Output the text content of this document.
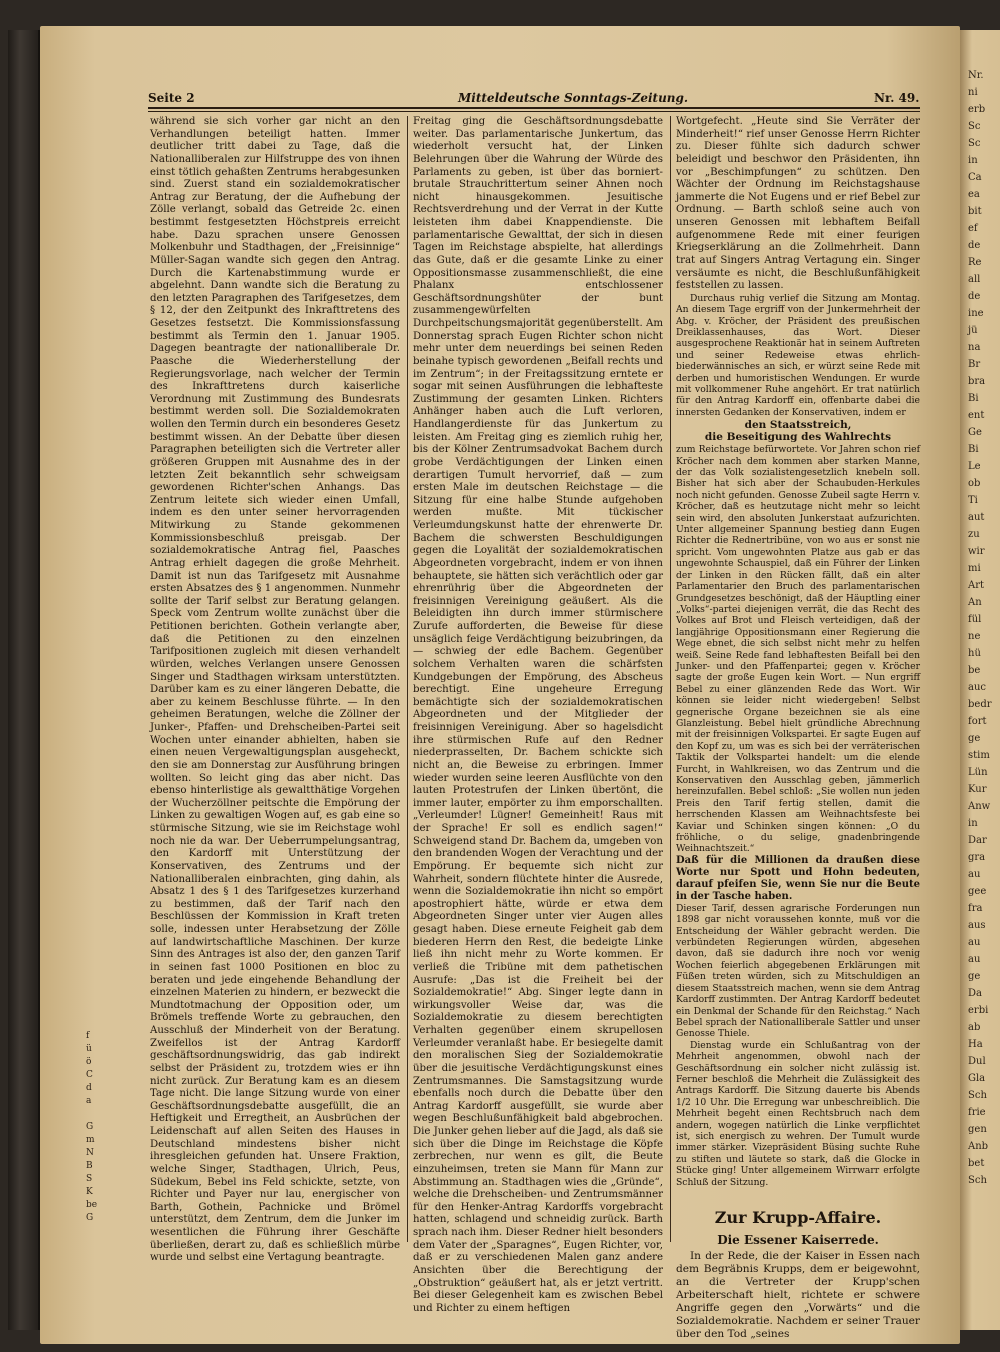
Nr.
ni
erb
Sc
Sc
in
Ca
ea
bit
ef
de
Re
all
de
ine
jü
na
Br
bra
Bi
ent
Ge
Bi
Le
ob
Ti
aut
zu
wir
mi
Art
An
fül
ne
hü
be
auc
bedr
fort
ge
stim
Lün
Kur
Anw
in
Dar
gra
au
gee
fra
aus
au
au
ge
Da
erbi
ab
Ha
Dul
Gla
Sch
frie
gen
Anb
bet
Sch
f
ü
ö
C
d
a

G
m
N
B
S
K
be
G
Seite 2	Mitteldeutsche Sonntags-Zeitung.	Nr. 49.

während sie sich vorher gar nicht an den Verhandlungen beteiligt hatten. Immer deutlicher tritt dabei zu Tage, daß die Nationalliberalen zur Hilfstruppe des von ihnen einst tötlich gehaßten Zentrums herabgesunken sind. Zuerst stand ein sozialdemokratischer Antrag zur Beratung, der die Aufhebung der Zölle verlangt, sobald das Getreide 2c. einen bestimmt festgesetzten Höchstpreis erreicht habe. Dazu sprachen unsere Genossen Molkenbuhr und Stadthagen, der „Freisinnige“ Müller-Sagan wandte sich gegen den Antrag. Durch die Kartenabstimmung wurde er abgelehnt. Dann wandte sich die Beratung zu den letzten Paragraphen des Tarifgesetzes, dem § 12, der den Zeitpunkt des Inkrafttretens des Gesetzes festsetzt. Die Kommissionsfassung bestimmt als Termin den 1. Januar 1905. Dagegen beantragte der nationalliberale Dr. Paasche die Wiederherstellung der Regierungsvorlage, nach welcher der Termin des Inkrafttretens durch kaiserliche Verordnung mit Zustimmung des Bundesrats bestimmt werden soll. Die Sozialdemokraten wollen den Termin durch ein besonderes Gesetz bestimmt wissen. An der Debatte über diesen Paragraphen beteiligten sich die Vertreter aller größeren Gruppen mit Ausnahme des in der letzten Zeit bekanntlich sehr schweigsam gewordenen Richter'schen Anhangs. Das Zentrum leitete sich wieder einen Umfall, indem es den unter seiner hervorragenden Mitwirkung zu Stande gekommenen Kommissionsbeschluß preisgab. Der sozialdemokratische Antrag fiel, Paasches Antrag erhielt dagegen die große Mehrheit. Damit ist nun das Tarifgesetz mit Ausnahme ersten Absatzes des § 1 angenommen. Nunmehr sollte der Tarif selbst zur Beratung gelangen. Speck vom Zentrum wollte zunächst über die Petitionen berichten. Gothein verlangte aber, daß die Petitionen zu den einzelnen Tarifpositionen zugleich mit diesen verhandelt würden, welches Verlangen unsere Genossen Singer und Stadthagen wirksam unterstützten. Darüber kam es zu einer längeren Debatte, die aber zu keinem Beschlusse führte. — In den geheimen Beratungen, welche die Zöllner der Junker-, Pfaffen- und Drehscheiben-Partei seit Wochen unter einander abhielten, haben sie einen neuen Vergewaltigungsplan ausgeheckt, den sie am Donnerstag zur Ausführung bringen wollten. So leicht ging das aber nicht. Das ebenso hinterlistige als gewaltthätige Vorgehen der Wucherzöllner peitschte die Empörung der Linken zu gewaltigen Wogen auf, es gab eine so stürmische Sitzung, wie sie im Reichstage wohl noch nie da war. Der Ueberrumpelungsantrag, den Kardorff mit Unterstützung der Konservativen, des Zentrums und der Nationalliberalen einbrachten, ging dahin, als Absatz 1 des § 1 des Tarifgesetzes kurzerhand zu bestimmen, daß der Tarif nach den Beschlüssen der Kommission in Kraft treten solle, indessen unter Herabsetzung der Zölle auf landwirtschaftliche Maschinen. Der kurze Sinn des Antrages ist also der, den ganzen Tarif in seinen fast 1000 Positionen en bloc zu beraten und jede eingehende Behandlung der einzelnen Materien zu hindern, er bezweckt die Mundtotmachung der Opposition oder, um Brömels treffende Worte zu gebrauchen, den Ausschluß der Minderheit von der Beratung. Zweifellos ist der Antrag Kardorff geschäftsordnungswidrig, das gab indirekt selbst der Präsident zu, trotzdem wies er ihn nicht zurück. Zur Beratung kam es an diesem Tage nicht. Die lange Sitzung wurde von einer Geschäftsordnungsdebatte ausgefüllt, die an Heftigkeit und Erregtheit, an Ausbrüchen der Leidenschaft auf allen Seiten des Hauses in Deutschland mindestens bisher nicht ihresgleichen gefunden hat. Unsere Fraktion, welche Singer, Stadthagen, Ulrich, Peus, Südekum, Bebel ins Feld schickte, setzte, von Richter und Payer nur lau, energischer von Barth, Gothein, Pachnicke und Brömel unterstützt, dem Zentrum, dem die Junker im wesentlichen die Führung ihrer Geschäfte überließen, derart zu, daß es schließlich mürbe wurde und selbst eine Vertagung beantragte.

Freitag ging die Geschäftsordnungsdebatte weiter. Das parlamentarische Junkertum, das wiederholt versucht hat, der Linken Belehrungen über die Wahrung der Würde des Parlaments zu geben, ist über das borniert-brutale Strauchrittertum seiner Ahnen noch nicht hinausgekommen. Jesuitische Rechtsverdrehung und der Verrat in der Kutte leisteten ihm dabei Knappendienste. Die parlamentarische Gewalttat, der sich in diesen Tagen im Reichstage abspielte, hat allerdings das Gute, daß er die gesamte Linke zu einer Oppositionsmasse zusammenschließt, die eine Phalanx entschlossener Geschäftsordnungshüter der bunt zusammengewürfelten Durchpeitschungsmajorität gegenüberstellt. Am Donnerstag sprach Eugen Richter schon nicht mehr unter dem neuerdings bei seinen Reden beinahe typisch gewordenen „Beifall rechts und im Zentrum“; in der Freitagssitzung erntete er sogar mit seinen Ausführungen die lebhafteste Zustimmung der gesamten Linken. Richters Anhänger haben auch die Luft verloren, Handlangerdienste für das Junkertum zu leisten. Am Freitag ging es ziemlich ruhig her, bis der Kölner Zentrumsadvokat Bachem durch grobe Verdächtigungen der Linken einen derartigen Tumult hervorrief, daß — zum ersten Male im deutschen Reichstage — die Sitzung für eine halbe Stunde aufgehoben werden mußte. Mit tückischer Verleumdungskunst hatte der ehrenwerte Dr. Bachem die schwersten Beschuldigungen gegen die Loyalität der sozialdemokratischen Abgeordneten vorgebracht, indem er von ihnen behauptete, sie hätten sich verächtlich oder gar ehrenrührig über die Abgeordneten der freisinnigen Vereinigung geäußert. Als die Beleidigten ihn durch immer stürmischere Zurufe aufforderten, die Beweise für diese unsäglich feige Verdächtigung beizubringen, da — schwieg der edle Bachem. Gegenüber solchem Verhalten waren die schärfsten Kundgebungen der Empörung, des Abscheus berechtigt. Eine ungeheure Erregung bemächtigte sich der sozialdemokratischen Abgeordneten und der Mitglieder der freisinnigen Vereinigung. Aber so hagelsdicht ihre stürmischen Rufe auf den Redner niederprasselten, Dr. Bachem schickte sich nicht an, die Beweise zu erbringen. Immer wieder wurden seine leeren Ausflüchte von den lauten Protestrufen der Linken übertönt, die immer lauter, empörter zu ihm emporschallten. „Verleumder! Lügner! Gemeinheit! Raus mit der Sprache! Er soll es endlich sagen!“ Schweigend stand Dr. Bachem da, umgeben von den brandenden Wogen der Verachtung und der Empörung. Er bequemte sich nicht zur Wahrheit, sondern flüchtete hinter die Ausrede, wenn die Sozialdemokratie ihn nicht so empört apostrophiert hätte, würde er etwa dem Abgeordneten Singer unter vier Augen alles gesagt haben. Diese erneute Feigheit gab dem biederen Herrn den Rest, die bedeigte Linke ließ ihn nicht mehr zu Worte kommen. Er verließ die Tribüne mit dem pathetischen Ausrufe: „Das ist die Freiheit bei der Sozialdemokratie!“ Abg. Singer legte dann in wirkungsvoller Weise dar, was die Sozialdemokratie zu diesem berechtigten Verhalten gegenüber einem skrupellosen Verleumder veranlaßt habe. Er besiegelte damit den moralischen Sieg der Sozialdemokratie über die jesuitische Verdächtigungskunst eines Zentrumsmannes. Die Samstagsitzung wurde ebenfalls noch durch die Debatte über den Antrag Kardorff ausgefüllt, sie wurde aber wegen Beschlußunfähigkeit bald abgebrochen. Die Junker gehen lieber auf die Jagd, als daß sie sich über die Dinge im Reichstage die Köpfe zerbrechen, nur wenn es gilt, die Beute einzuheimsen, treten sie Mann für Mann zur Abstimmung an. Stadthagen wies die „Gründe“, welche die Drehscheiben- und Zentrumsmänner für den Henker-Antrag Kardorffs vorgebracht hatten, schlagend und schneidig zurück. Barth sprach nach ihm. Dieser Redner hielt besonders dem Vater der „Sparagnes“, Eugen Richter, vor, daß er zu verschiedenen Malen ganz andere Ansichten über die Berechtigung der „Obstruktion“ geäußert hat, als er jetzt vertritt. Bei dieser Gelegenheit kam es zwischen Bebel und Richter zu einem heftigen

Wortgefecht. „Heute sind Sie Verräter der Minderheit!“ rief unser Genosse Herrn Richter zu. Dieser fühlte sich dadurch schwer beleidigt und beschwor den Präsidenten, ihn vor „Beschimpfungen“ zu schützen. Den Wächter der Ordnung im Reichstagshause jammerte die Not Eugens und er rief Bebel zur Ordnung. — Barth schloß seine auch von unseren Genossen mit lebhaftem Beifall aufgenommene Rede mit einer feurigen Kriegserklärung an die Zollmehrheit. Dann trat auf Singers Antrag Vertagung ein. Singer versäumte es nicht, die Beschlußunfähigkeit feststellen zu lassen.

Durchaus ruhig verlief die Sitzung am Montag. An diesem Tage ergriff von der Junkermehrheit der Abg. v. Kröcher, der Präsident des preußischen Dreiklassenhauses, das Wort. Dieser ausgesprochene Reaktionär hat in seinem Auftreten und seiner Redeweise etwas ehrlich-biederwännisches an sich, er würzt seine Rede mit derben und humoristischen Wendungen. Er wurde mit vollkommener Ruhe angehört. Er trat natürlich für den Antrag Kardorff ein, offenbarte dabei die innersten Gedanken der Konservativen, indem er

den Staatsstreich,
die Beseitigung des Wahlrechts

zum Reichstage befürwortete. Vor Jahren schon rief Kröcher nach dem kommen aber starken Manne, der das Volk sozialistengesetzlich knebeln soll. Bisher hat sich aber der Schaubuden-Herkules noch nicht gefunden. Genosse Zubeil sagte Herrn v. Kröcher, daß es heutzutage nicht mehr so leicht sein wird, den absoluten Junkerstaat aufzurichten. Unter allgemeiner Spannung bestieg dann Eugen Richter die Rednertribüne, von wo aus er sonst nie spricht. Vom ungewohnten Platze aus gab er das ungewohnte Schauspiel, daß ein Führer der Linken der Linken in den Rücken fällt, daß ein alter Parlamentarier den Bruch des parlamentarischen Grundgesetzes beschönigt, daß der Häuptling einer „Volks“-partei diejenigen verrät, die das Recht des Volkes auf Brot und Fleisch verteidigen, daß der langjährige Oppositionsmann einer Regierung die Wege ebnet, die sich selbst nicht mehr zu helfen weiß. Seine Rede fand lebhaftesten Beifall bei den Junker- und den Pfaffenpartei; gegen v. Kröcher sagte der große Eugen kein Wort. — Nun ergriff Bebel zu einer glänzenden Rede das Wort. Wir können sie leider nicht wiedergeben! Selbst gegnerische Organe bezeichnen sie als eine Glanzleistung. Bebel hielt gründliche Abrechnung mit der freisinnigen Volkspartei. Er sagte Eugen auf den Kopf zu, um was es sich bei der verräterischen Taktik der Volkspartei handelt: um die elende Furcht, in Wahlkreisen, wo das Zentrum und die Konservativen den Ausschlag geben, jämmerlich hereinzufallen. Bebel schloß: „Sie wollen nun jeden Preis den Tarif fertig stellen, damit die herrschenden Klassen am Weihnachtsfeste bei Kaviar und Schinken singen können: „O du fröhliche, o du selige, gnadenbringende Weihnachtszeit.“

Daß für die Millionen da draußen diese Worte nur Spott und Hohn bedeuten, darauf pfeifen Sie, wenn Sie nur die Beute in der Tasche haben.

Dieser Tarif, dessen agrarische Forderungen nun 1898 gar nicht voraussehen konnte, muß vor die Entscheidung der Wähler gebracht werden. Die verbündeten Regierungen würden, abgesehen davon, daß sie dadurch ihre noch vor wenig Wochen feierlich abgegebenen Erklärungen mit Füßen treten würden, sich zu Mitschuldigen an diesem Staatsstreich machen, wenn sie dem Antrag Kardorff zustimmten. Der Antrag Kardorff bedeutet ein Denkmal der Schande für den Reichstag.“ Nach Bebel sprach der Nationalliberale Sattler und unser Genosse Thiele.

Dienstag wurde ein Schlußantrag von der Mehrheit angenommen, obwohl nach der Geschäftsordnung ein solcher nicht zulässig ist. Ferner beschloß die Mehrheit die Zulässigkeit des Antrags Kardorff. Die Sitzung dauerte bis Abends 1/2 10 Uhr. Die Erregung war unbeschreiblich. Die Mehrheit begeht einen Rechtsbruch nach dem andern, wogegen natürlich die Linke verpflichtet ist, sich energisch zu wehren. Der Tumult wurde immer stärker. Vizepräsident Büsing suchte Ruhe zu stiften und läutete so stark, daß die Glocke in Stücke ging! Unter allgemeinem Wirrwarr erfolgte Schluß der Sitzung.

Zur Krupp-Affaire.
Die Essener Kaiserrede.

In der Rede, die der Kaiser in Essen nach dem Begräbnis Krupps, dem er beigewohnt, an die Vertreter der Krupp'schen Arbeiterschaft hielt, richtete er schwere Angriffe gegen den „Vorwärts“ und die Sozialdemokratie. Nachdem er seiner Trauer über den Tod „seines
